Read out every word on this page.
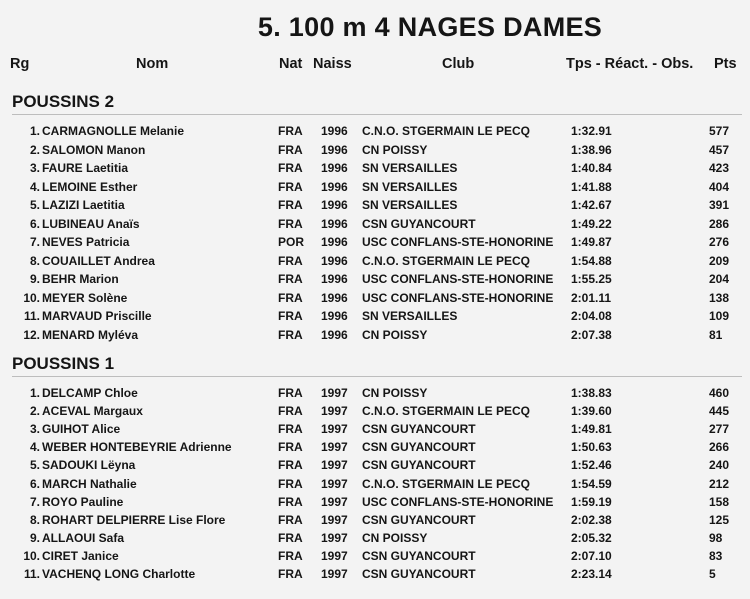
5. 100 m 4 NAGES DAMES
Rg	Nom	Nat Naiss	Club	Tps - Réact. - Obs. Pts
POUSSINS 2
1. CARMAGNOLLE Melanie	FRA 1996 C.N.O. STGERMAIN LE PECQ	1:32.91	577
2. SALOMON Manon	FRA 1996 CN POISSY	1:38.96	457
3. FAURE Laetitia	FRA 1996 SN VERSAILLES	1:40.84	423
4. LEMOINE Esther	FRA 1996 SN VERSAILLES	1:41.88	404
5. LAZIZI Laetitia	FRA 1996 SN VERSAILLES	1:42.67	391
6. LUBINEAU Anaïs	FRA 1996 CSN GUYANCOURT	1:49.22	286
7. NEVES Patricia	POR 1996 USC CONFLANS-STE-HONORINE 1:49.87	276
8. COUAILLET Andrea	FRA 1996 C.N.O. STGERMAIN LE PECQ	1:54.88	209
9. BEHR Marion	FRA 1996 USC CONFLANS-STE-HONORINE 1:55.25	204
10. MEYER Solène	FRA 1996 USC CONFLANS-STE-HONORINE 2:01.11	138
11. MARVAUD Priscille	FRA 1996 SN VERSAILLES	2:04.08	109
12. MENARD Myléva	FRA 1996 CN POISSY	2:07.38	81
POUSSINS 1
1. DELCAMP Chloe	FRA 1997 CN POISSY	1:38.83	460
2. ACEVAL Margaux	FRA 1997 C.N.O. STGERMAIN LE PECQ	1:39.60	445
3. GUIHOT Alice	FRA 1997 CSN GUYANCOURT	1:49.81	277
4. WEBER HONTEBEYRIE Adrienne	FRA 1997 CSN GUYANCOURT	1:50.63	266
5. SADOUKI Lëyna	FRA 1997 CSN GUYANCOURT	1:52.46	240
6. MARCH Nathalie	FRA 1997 C.N.O. STGERMAIN LE PECQ	1:54.59	212
7. ROYO Pauline	FRA 1997 USC CONFLANS-STE-HONORINE 1:59.19	158
8. ROHART DELPIERRE Lise Flore	FRA 1997 CSN GUYANCOURT	2:02.38	125
9. ALLAOUI Safa	FRA 1997 CN POISSY	2:05.32	98
10. CIRET Janice	FRA 1997 CSN GUYANCOURT	2:07.10	83
11. VACHENQ LONG Charlotte	FRA 1997 CSN GUYANCOURT	2:23.14	5
